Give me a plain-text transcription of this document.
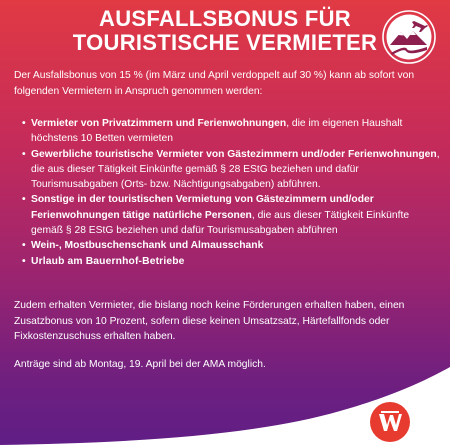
AUSFALLSBONUS FÜR
TOURISTISCHE VERMIETER
Der Ausfallsbonus von 15 % (im März und April verdoppelt auf 30 %) kann ab sofort von folgenden Vermietern in Anspruch genommen werden:
• Vermieter von Privatzimmern und Ferienwohnungen, die im eigenen Haushalt höchstens 10 Betten vermieten
• Gewerbliche touristische Vermieter von Gästezimmern und/oder Ferienwohnungen, die aus dieser Tätigkeit Einkünfte gemäß § 28 EStG beziehen und dafür Tourismusabgaben (Orts- bzw. Nächtigungsabgaben) abführen.
• Sonstige in der touristischen Vermietung von Gästezimmern und/oder Ferienwohnungen tätige natürliche Personen, die aus dieser Tätigkeit Einkünfte gemäß § 28 EStG beziehen und dafür Tourismusabgaben abführen
• Wein-, Mostbuschenschank und Almausschank
• Urlaub am Bauernhof-Betriebe
Zudem erhalten Vermieter, die bislang noch keine Förderungen erhalten haben, einen Zusatzbonus von 10 Prozent, sofern diese keinen Umsatzsatz, Härtefallfonds oder Fixkostenzuschuss erhalten haben.
Anträge sind ab Montag, 19. April bei der AMA möglich.
